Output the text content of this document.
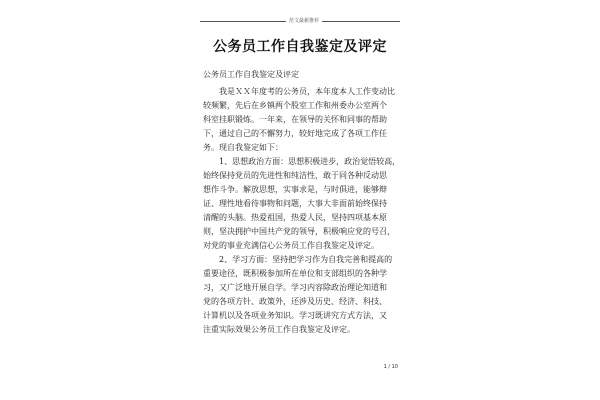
范文最新推荐
公务员工作自我鉴定及评定

公务员工作自我鉴定及评定

我是ＸＸ年度考的公务员，本年度本人工作变动比
较频繁，先后在乡镇两个股室工作和州委办公室两个
科室挂职锻炼。一年来，在领导的关怀和同事的帮助
下，通过自己的不懈努力，较好地完成了各项工作任
务。现自我鉴定如下：

1、思想政治方面：思想积极进步，政治觉悟较高，
始终保持党员的先进性和纯洁性，敢于同各种反动思
想作斗争。解放思想，实事求是，与时俱进，能够辩
证、理性地看待事物和问题，大事大非面前始终保持
清醒的头脑。热爱祖国，热爱人民，坚持四项基本原
则，坚决拥护中国共产党的领导，积极响应党的号召，
对党的事业充满信心公务员工作自我鉴定及评定。

2、学习方面：坚持把学习作为自我完善和提高的
重要途径，既积极参加所在单位和支部组织的各种学
习，又广泛地开展自学。学习内容除政治理论知道和
党的各项方针、政策外，还涉及历史、经济、科技、
计算机以及各项业务知识。学习既讲究方式方法，又
注重实际效果公务员工作自我鉴定及评定。

1 / 10
